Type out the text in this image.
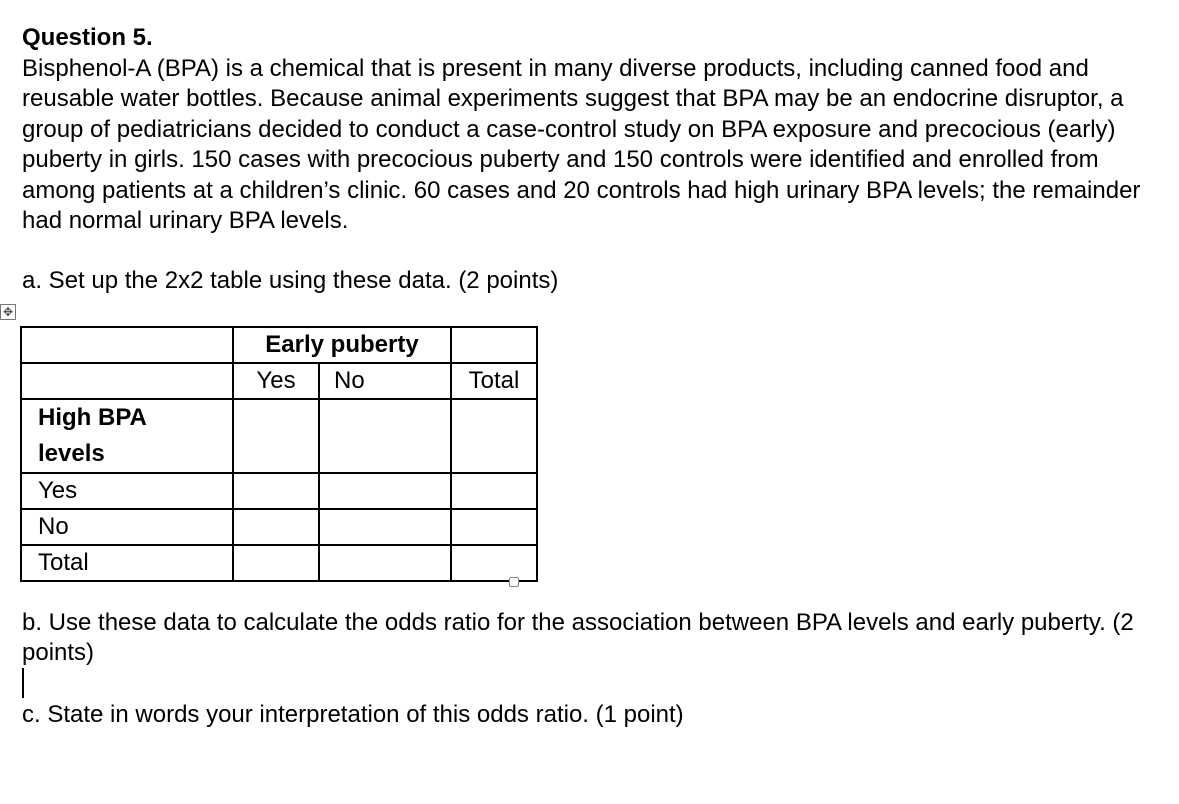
Question 5.

Bisphenol-A (BPA) is a chemical that is present in many diverse products, including canned food and reusable water bottles. Because animal experiments suggest that BPA may be an endocrine disruptor, a group of pediatricians decided to conduct a case-control study on BPA exposure and precocious (early) puberty in girls. 150 cases with precocious puberty and 150 controls were identified and enrolled from among patients at a children’s clinic. 60 cases and 20 controls had high urinary BPA levels; the remainder had normal urinary BPA levels.

a. Set up the 2x2 table using these data. (2 points)

✥

	Early puberty		

	Yes	No	Total

High BPA levels			

Yes			

No			

Total			

b. Use these data to calculate the odds ratio for the association between BPA levels and early puberty. (2 points)

c. State in words your interpretation of this odds ratio. (1 point)
